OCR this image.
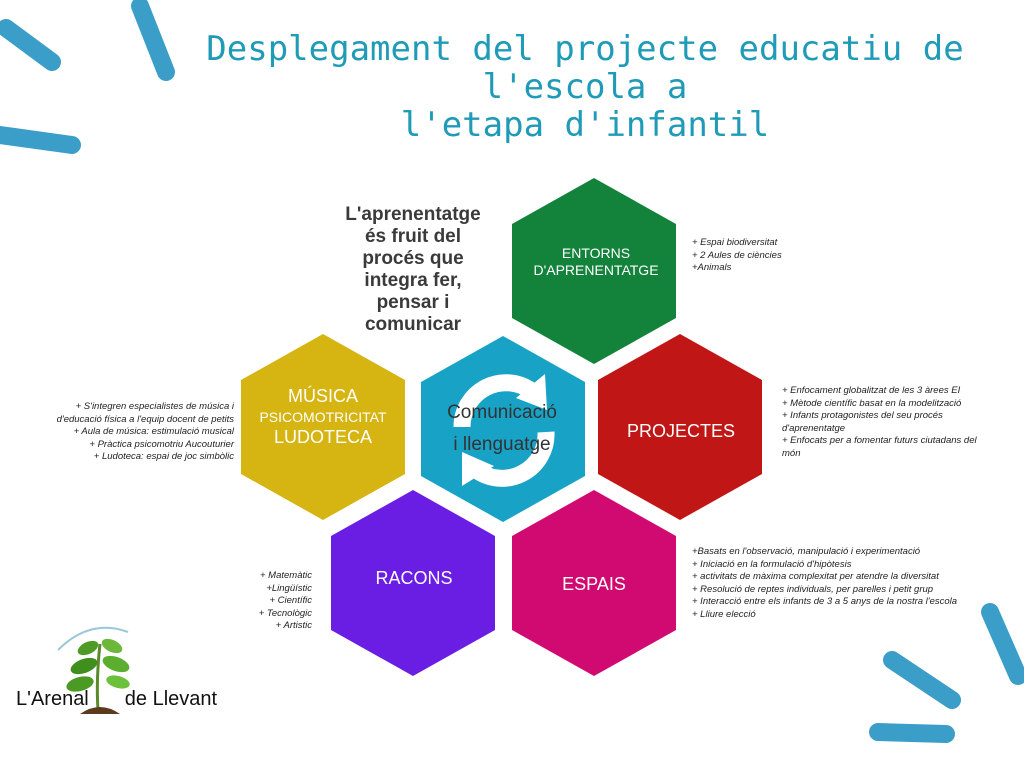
Desplegament del projecte educatiu de
l'escola a
l'etapa d'infantil
L'aprenentatge
és fruit del
procés que
integra fer,
pensar i
comunicar
ENTORNS
D'APRENENTATGE
PROJECTES
ESPAIS
RACONS
MÚSICA
PSICOMOTRICITAT
LUDOTECA
Comunicació
i llenguatge
+ Espai biodiversitat
+ 2 Aules de ciències
+Animals
+ Enfocament globalitzat de les 3 àrees EI
+ Mètode científic basat en la modelització
+ Infants protagonistes del seu procés
d'aprenentatge
+ Enfocats per a fomentar futurs ciutadans del
món
+Basats en l'observació, manipulació i experimentació
+ Iniciació en la formulació d'hipòtesis
+ activitats de màxima complexitat per atendre la diversitat
+ Resolució de reptes individuals, per parelles i petit grup
+ Interacció entre els infants de 3 a 5 anys de la nostra l'escola
+ Lliure elecció
+ Matemàtic
+Lingüístic
+ Científic
+ Tecnològic
+ Artistic
+ S'integren especialistes de música i
d'educació física a l'equip docent de petits
+ Aula de música: estimulació musical
+ Pràctica psicomotriu Aucouturier
+ Ludoteca: espai de joc simbòlic
L'Arenal de Llevant
